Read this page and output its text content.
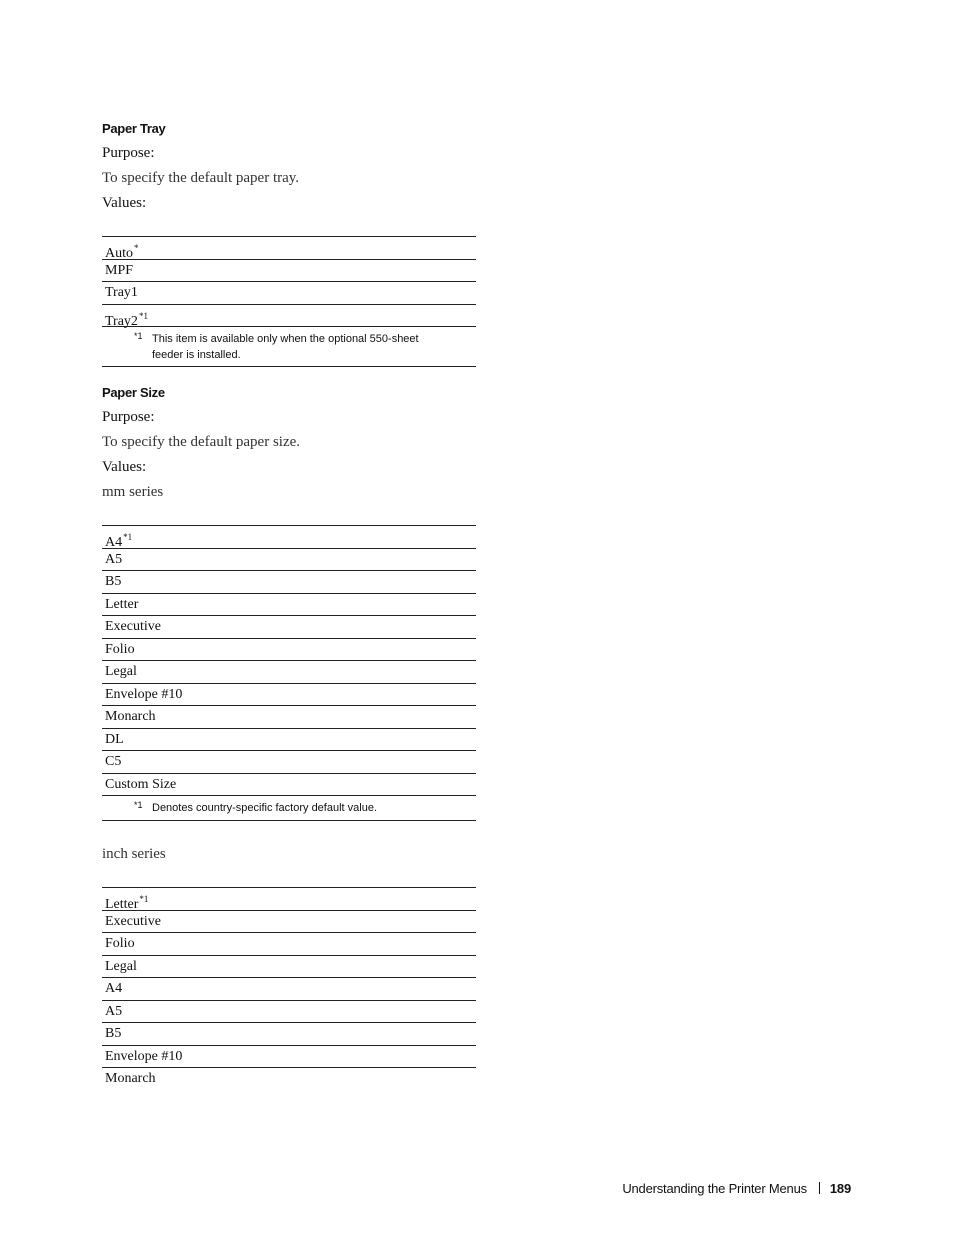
Paper Tray
Purpose:
To specify the default paper tray.
Values:
Auto*
MPF
Tray1
Tray2$^{*1}$
*1 This item is available only when the optional 550-sheet feeder is installed.
Paper Size
Purpose:
To specify the default paper size.
Values:
mm series
A4$^{*1}$
A5
B5
Letter
Executive
Folio
Legal
Envelope #10
Monarch
DL
C5
Custom Size
*1 Denotes country-specific factory default value.
inch series
Letter$^{*1}$
Executive
Folio
Legal
A4
A5
B5
Envelope #10
Monarch
Understanding the Printer Menus 189
